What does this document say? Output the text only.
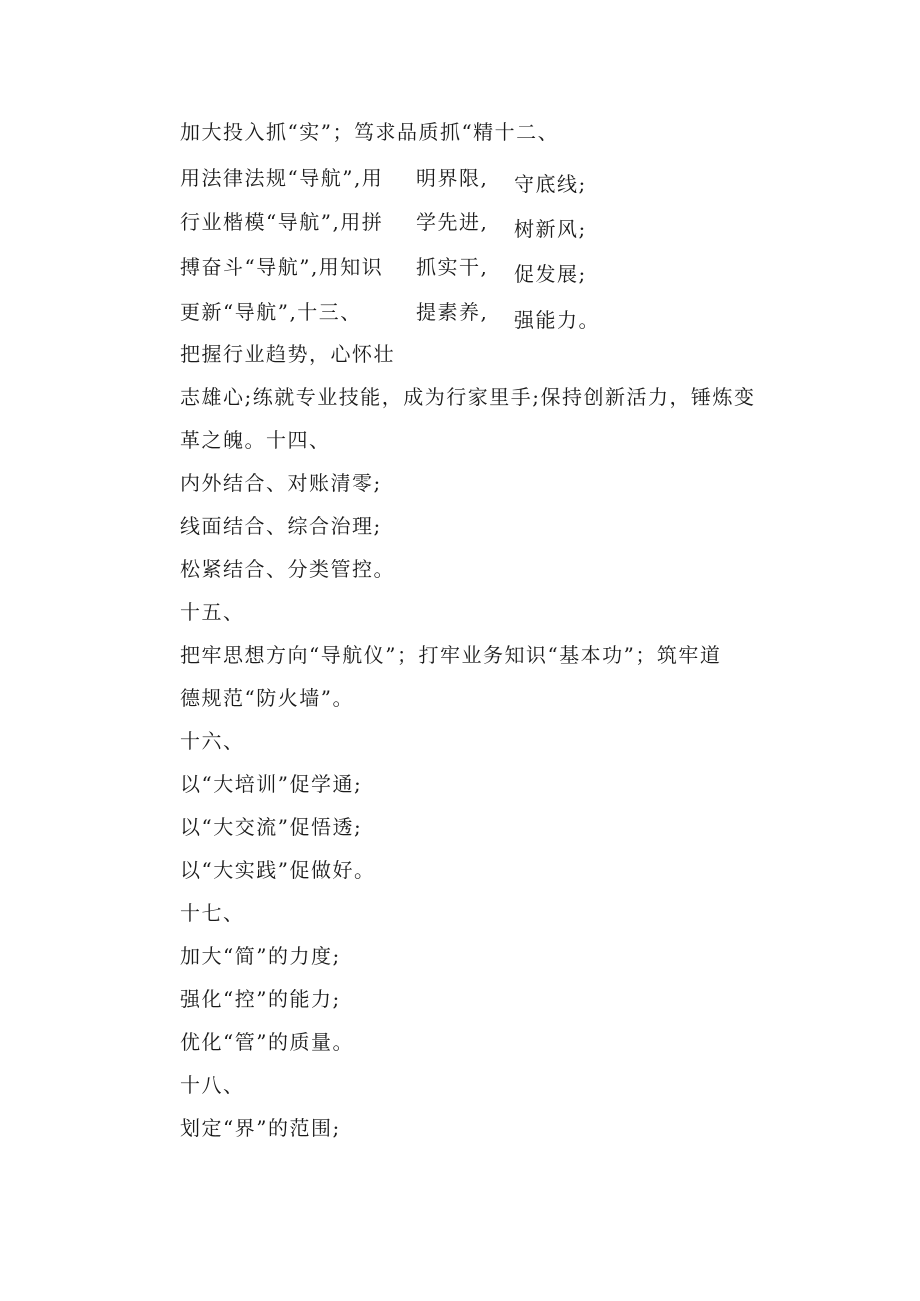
加大投入抓“实”；笃求品质抓“精十二、
用法律法规“导航”,用 明界限, 守底线;
行业楷模“导航”,用拼 学先进, 树新风;
搏奋斗“导航”,用知识 抓实干, 促发展;
更新“导航”,十三、	提素养, 强能力。
把握行业趋势，心怀壮
志雄心;练就专业技能，成为行家里手;保持创新活力，锤炼变
革之魄。十四、
内外结合、对账清零;
线面结合、综合治理;
松紧结合、分类管控。
十五、
把牢思想方向“导航仪”；打牢业务知识“基本功”；筑牢道
德规范“防火墙”。
十六、
以“大培训”促学通;
以“大交流”促悟透;
以“大实践”促做好。
十七、
加大“简”的力度;
强化“控”的能力;
优化“管”的质量。
十八、
划定“界”的范围;
